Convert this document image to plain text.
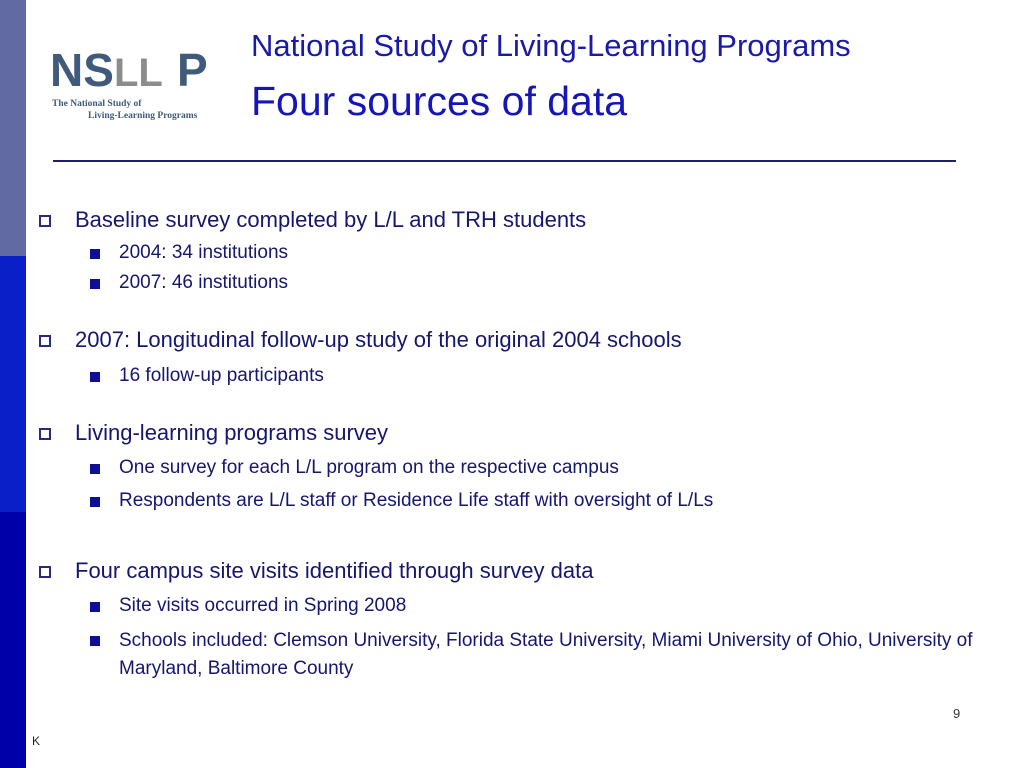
NS LL P
The National Study of
Living-Learning Programs
National Study of Living-Learning Programs
Four sources of data
Baseline survey completed by L/L and TRH students
2004: 34 institutions
2007: 46 institutions
2007: Longitudinal follow-up study of the original 2004 schools
16 follow-up participants
Living-learning programs survey
One survey for each L/L program on the respective campus
Respondents are L/L staff or Residence Life staff with oversight of L/Ls
Four campus site visits identified through survey data
Site visits occurred in Spring 2008
Schools included: Clemson University, Florida State University, Miami University of Ohio, University of Maryland, Baltimore County
9
K
